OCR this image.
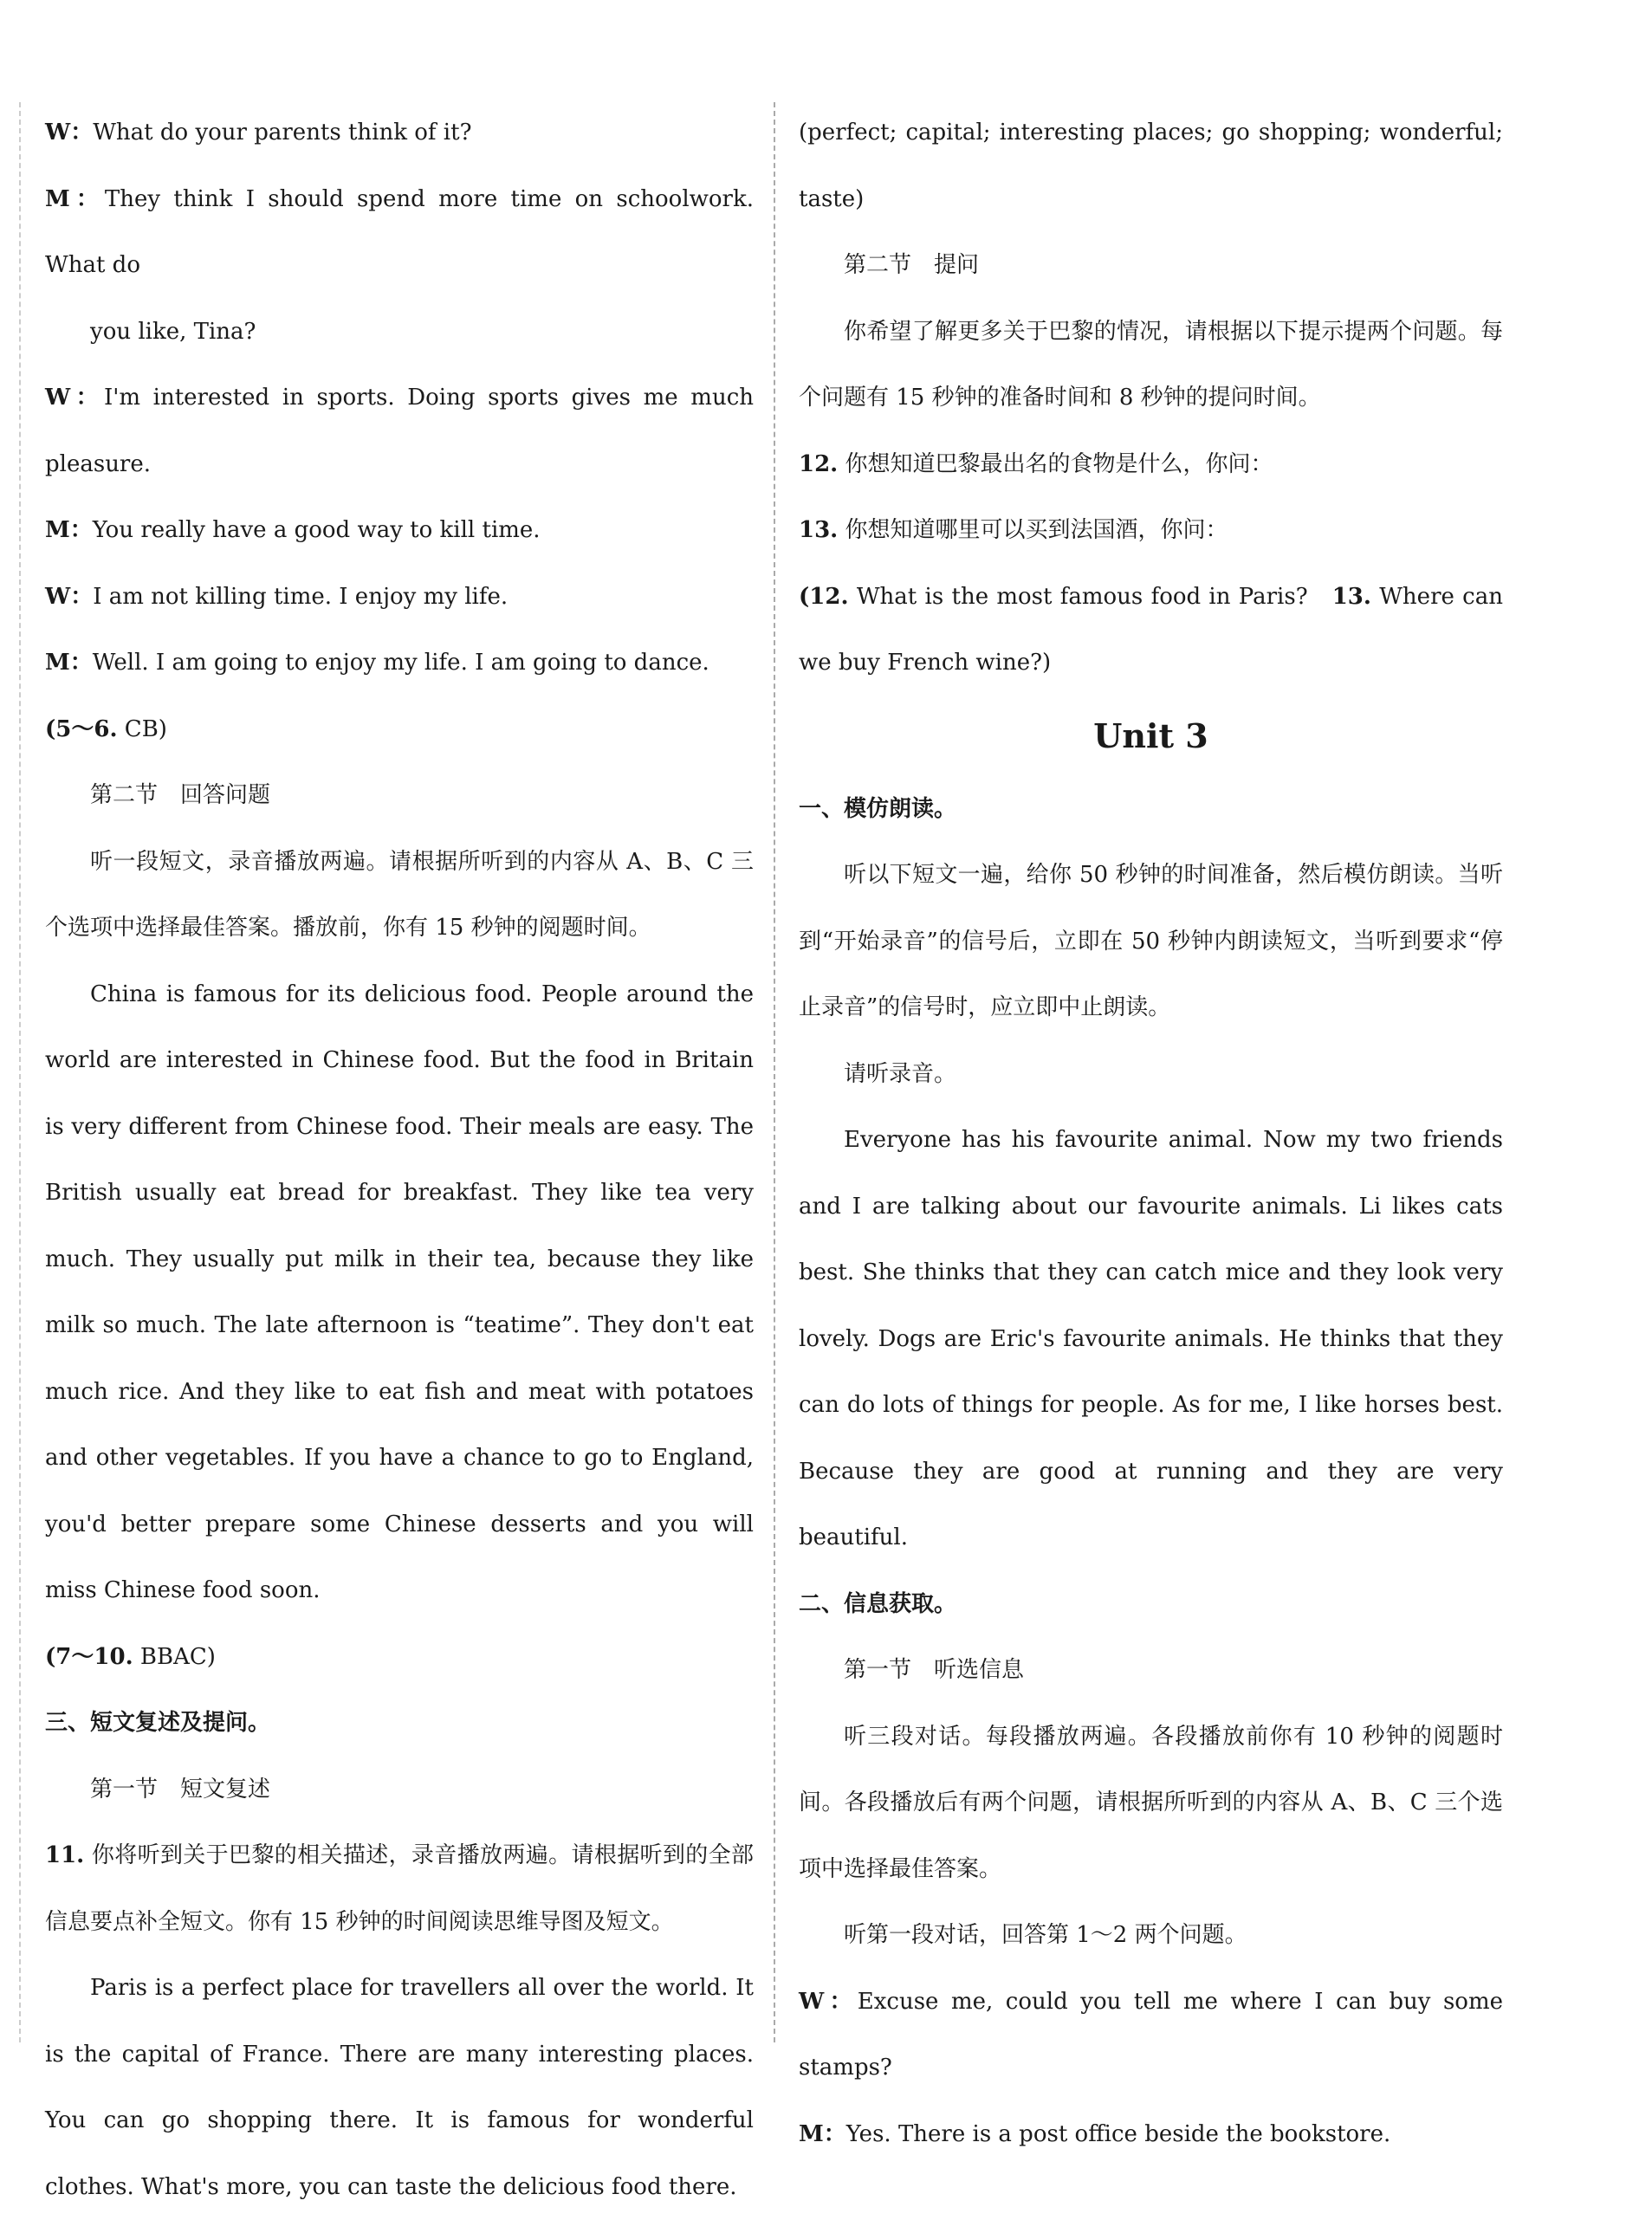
W：What do your parents think of it?

M：They think I should spend more time on schoolwork. What do

you like, Tina?

W：I'm interested in sports. Doing sports gives me much pleasure.

M：You really have a good way to kill time.

W：I am not killing time. I enjoy my life.

M：Well. I am going to enjoy my life. I am going to dance.

(5～6. CB)

第二节　回答问题

听一段短文，录音播放两遍。请根据所听到的内容从 A、B、C 三个选项中选择最佳答案。播放前，你有 15 秒钟的阅题时间。

China is famous for its delicious food. People around the world are interested in Chinese food. But the food in Britain is very different from Chinese food. Their meals are easy. The British usually eat bread for breakfast. They like tea very much. They usually put milk in their tea, because they like milk so much. The late afternoon is “teatime”. They don't eat much rice. And they like to eat fish and meat with potatoes and other vegetables. If you have a chance to go to England, you'd better prepare some Chinese desserts and you will miss Chinese food soon.

(7～10. BBAC)

三、短文复述及提问。

第一节　短文复述

11. 你将听到关于巴黎的相关描述，录音播放两遍。请根据听到的全部信息要点补全短文。你有 15 秒钟的时间阅读思维导图及短文。

Paris is a perfect place for travellers all over the world. It is the capital of France. There are many interesting places. You can go shopping there. It is famous for wonderful clothes. What's more, you can taste the delicious food there.

(perfect; capital; interesting places; go shopping; wonderful; taste)

第二节　提问

你希望了解更多关于巴黎的情况，请根据以下提示提两个问题。每个问题有 15 秒钟的准备时间和 8 秒钟的提问时间。

12. 你想知道巴黎最出名的食物是什么，你问：

13. 你想知道哪里可以买到法国酒，你问：

(12. What is the most famous food in Paris?　13. Where can we buy French wine?)

Unit 3

一、模仿朗读。

听以下短文一遍，给你 50 秒钟的时间准备，然后模仿朗读。当听到“开始录音”的信号后，立即在 50 秒钟内朗读短文，当听到要求“停止录音”的信号时，应立即中止朗读。

请听录音。

Everyone has his favourite animal. Now my two friends and I are talking about our favourite animals. Li likes cats best. She thinks that they can catch mice and they look very lovely. Dogs are Eric's favourite animals. He thinks that they can do lots of things for people. As for me, I like horses best. Because they are good at running and they are very beautiful.

二、信息获取。

第一节　听选信息

听三段对话。每段播放两遍。各段播放前你有 10 秒钟的阅题时间。各段播放后有两个问题，请根据所听到的内容从 A、B、C 三个选项中选择最佳答案。

听第一段对话，回答第 1～2 两个问题。

W：Excuse me, could you tell me where I can buy some stamps?

M：Yes. There is a post office beside the bookstore.
